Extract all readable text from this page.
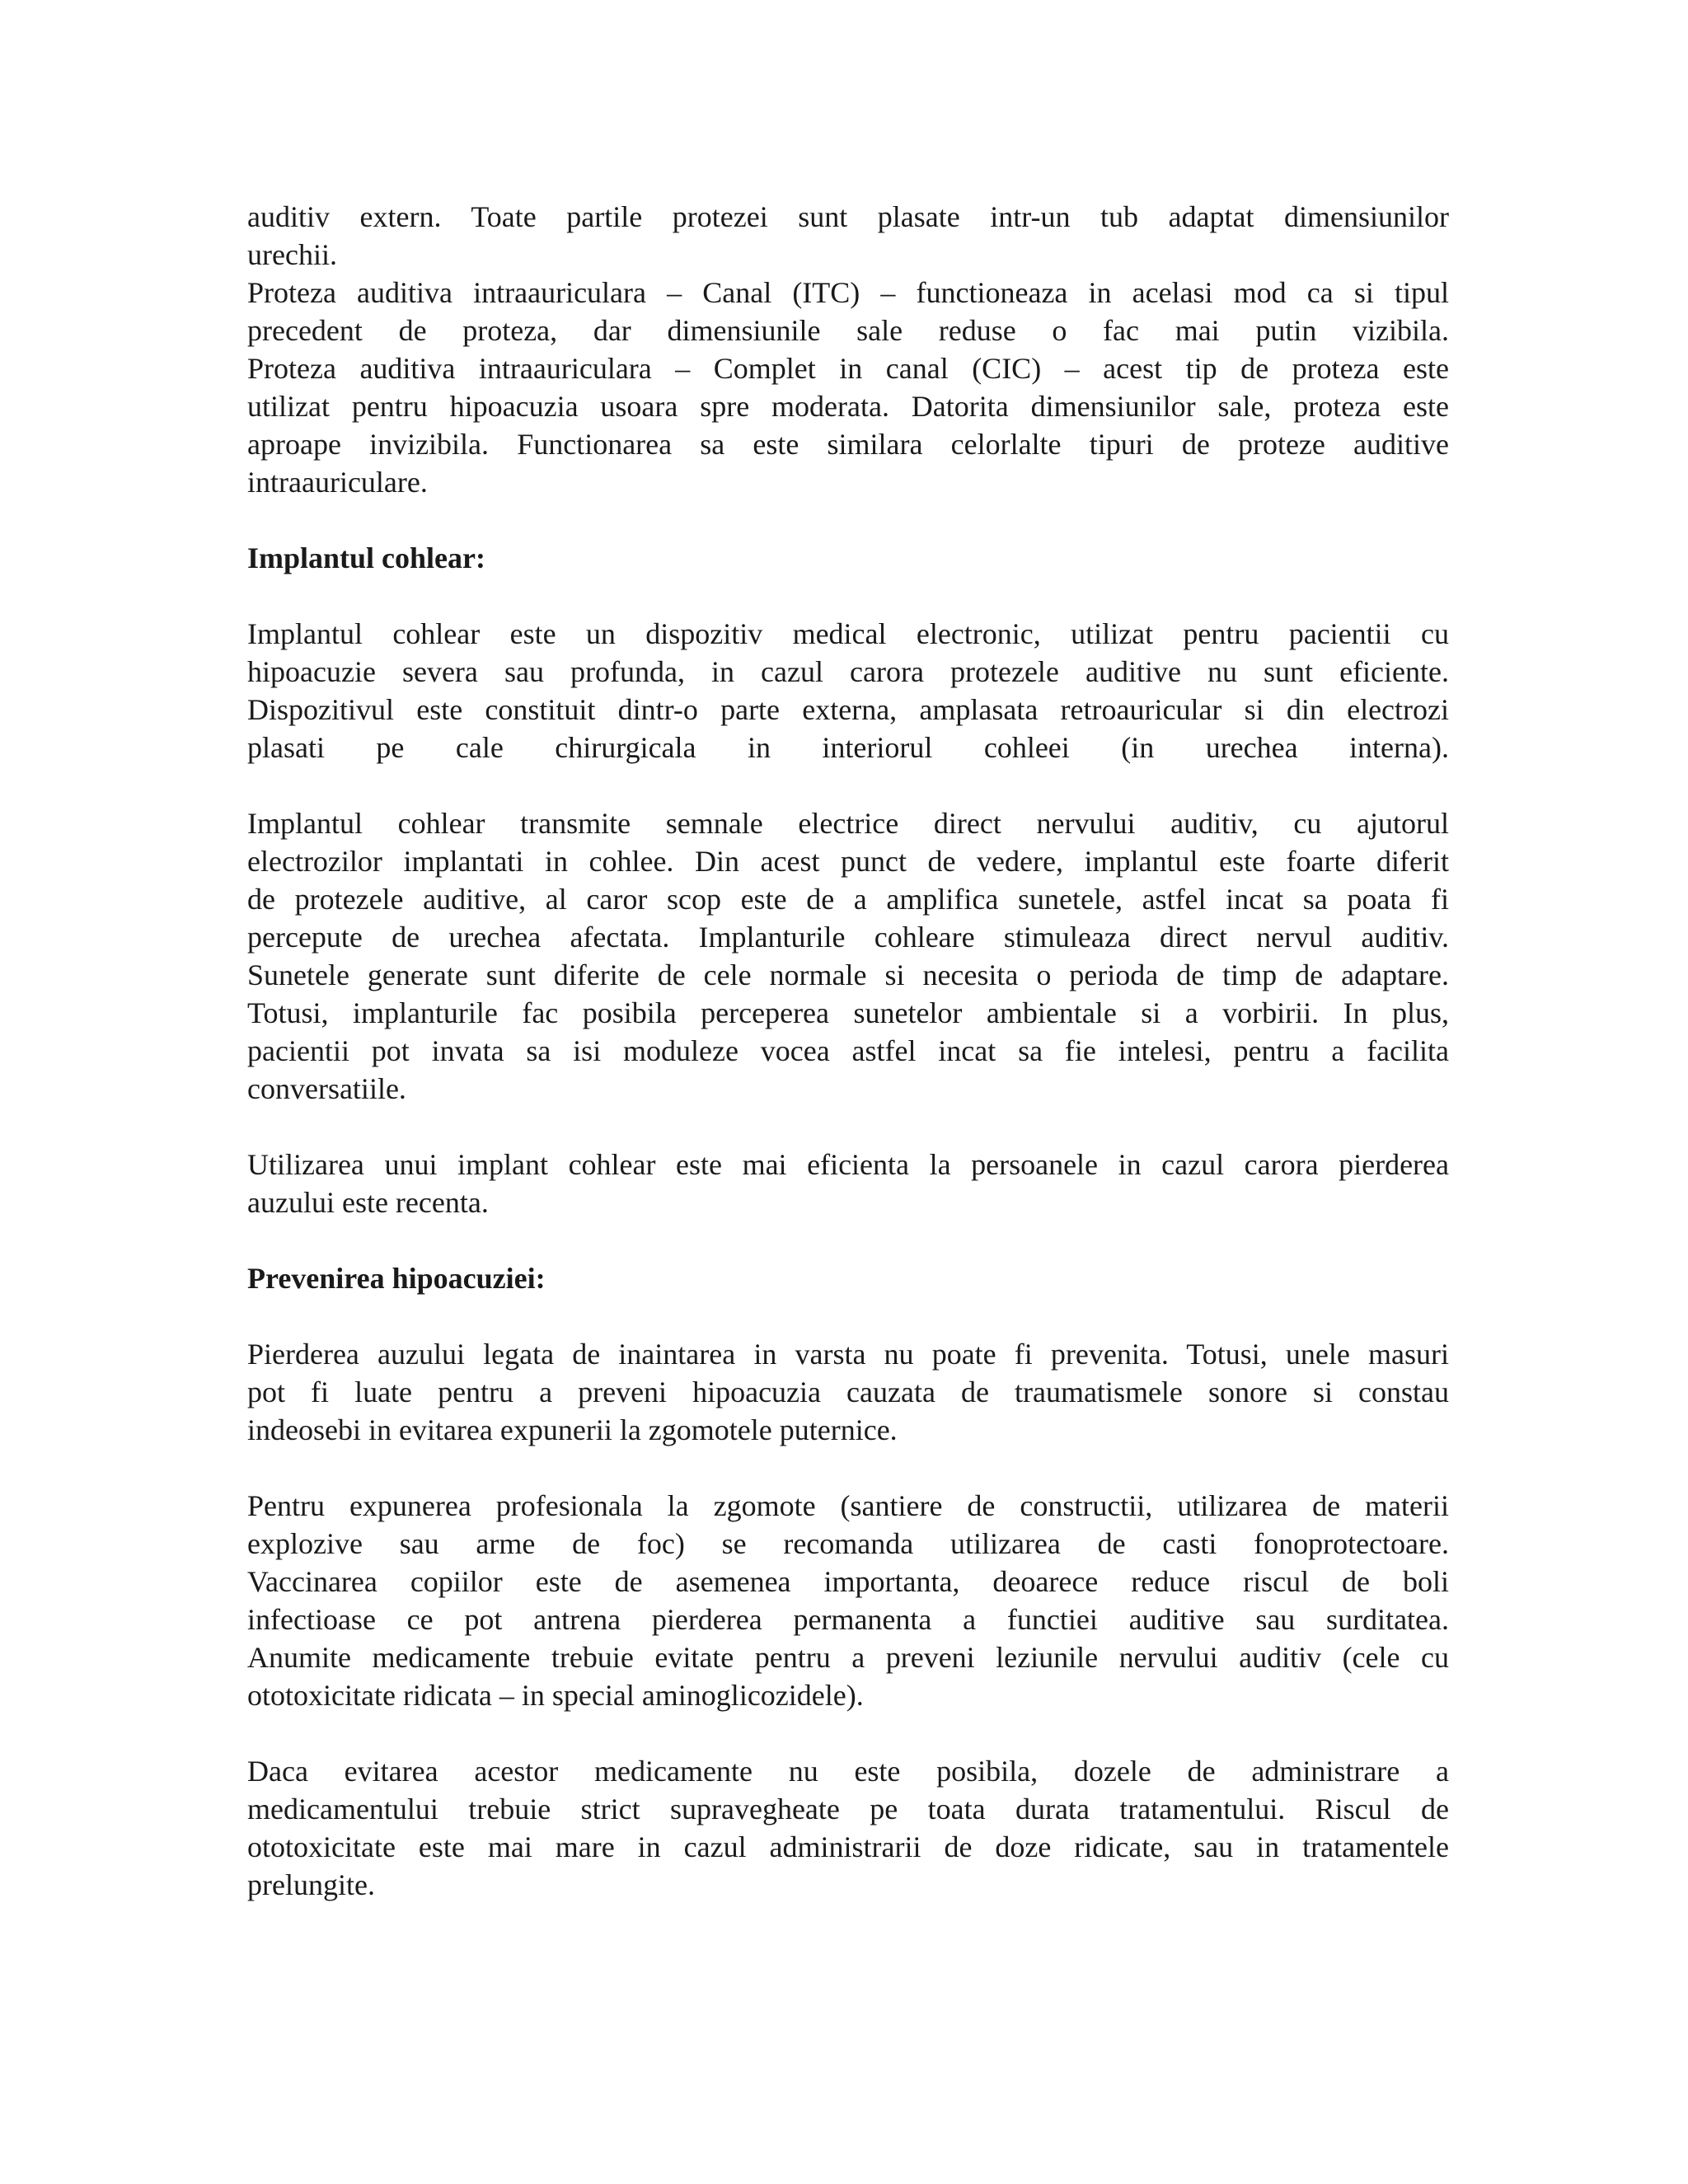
auditiv extern. Toate partile protezei sunt plasate intr-un tub adaptat dimensiunilor
urechii.
Proteza auditiva intraauriculara – Canal (ITC) – functioneaza in acelasi mod ca si tipul
precedent de proteza, dar dimensiunile sale reduse o fac mai putin vizibila.
Proteza auditiva intraauriculara – Complet in canal (CIC) – acest tip de proteza este
utilizat pentru hipoacuzia usoara spre moderata. Datorita dimensiunilor sale, proteza este
aproape invizibila. Functionarea sa este similara celorlalte tipuri de proteze auditive
intraauriculare.
Implantul cohlear:
Implantul cohlear este un dispozitiv medical electronic, utilizat pentru pacientii cu
hipoacuzie severa sau profunda, in cazul carora protezele auditive nu sunt eficiente.
Dispozitivul este constituit dintr-o parte externa, amplasata retroauricular si din electrozi
plasati pe cale chirurgicala in interiorul cohleei (in urechea interna).
Implantul cohlear transmite semnale electrice direct nervului auditiv, cu ajutorul
electrozilor implantati in cohlee. Din acest punct de vedere, implantul este foarte diferit
de protezele auditive, al caror scop este de a amplifica sunetele, astfel incat sa poata fi
percepute de urechea afectata. Implanturile cohleare stimuleaza direct nervul auditiv.
Sunetele generate sunt diferite de cele normale si necesita o perioda de timp de adaptare.
Totusi, implanturile fac posibila perceperea sunetelor ambientale si a vorbirii. In plus,
pacientii pot invata sa isi moduleze vocea astfel incat sa fie intelesi, pentru a facilita
conversatiile.
Utilizarea unui implant cohlear este mai eficienta la persoanele in cazul carora pierderea
auzului este recenta.
Prevenirea hipoacuziei:
Pierderea auzului legata de inaintarea in varsta nu poate fi prevenita. Totusi, unele masuri
pot fi luate pentru a preveni hipoacuzia cauzata de traumatismele sonore si constau
indeosebi in evitarea expunerii la zgomotele puternice.
Pentru expunerea profesionala la zgomote (santiere de constructii, utilizarea de materii
explozive sau arme de foc) se recomanda utilizarea de casti fonoprotectoare.
Vaccinarea copiilor este de asemenea importanta, deoarece reduce riscul de boli
infectioase ce pot antrena pierderea permanenta a functiei auditive sau surditatea.
Anumite medicamente trebuie evitate pentru a preveni leziunile nervului auditiv (cele cu
ototoxicitate ridicata – in special aminoglicozidele).
Daca evitarea acestor medicamente nu este posibila, dozele de administrare a
medicamentului trebuie strict supravegheate pe toata durata tratamentului. Riscul de
ototoxicitate este mai mare in cazul administrarii de doze ridicate, sau in tratamentele
prelungite.
